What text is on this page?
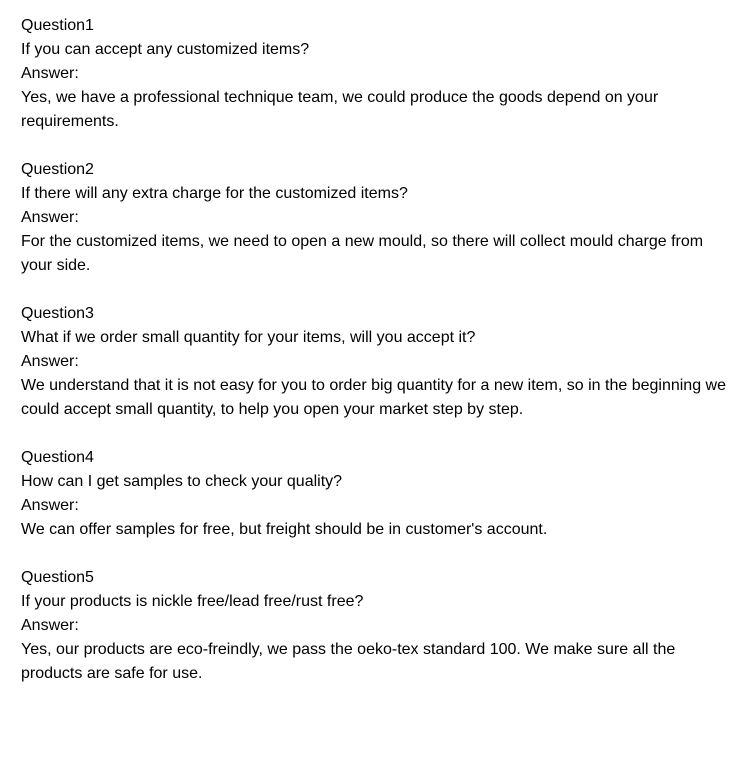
Question1
If you can accept any customized items?
Answer:
Yes, we have a professional technique team, we could produce the goods depend on your requirements.
Question2
If there will any extra charge for the customized items?
Answer:
For the customized items, we need to open a new mould, so there will collect mould charge from your side.
Question3
What if we order small quantity for your items, will you accept it?
Answer:
We understand that it is not easy for you to order big quantity for a new item, so in the beginning we could accept small quantity, to help you open your market step by step.
Question4
How can I get samples to check your quality?
Answer:
We can offer samples for free, but freight should be in customer's account.
Question5
If your products is nickle free/lead free/rust free?
Answer:
Yes, our products are eco-freindly, we pass the oeko-tex standard 100. We make sure all the products are safe for use.
